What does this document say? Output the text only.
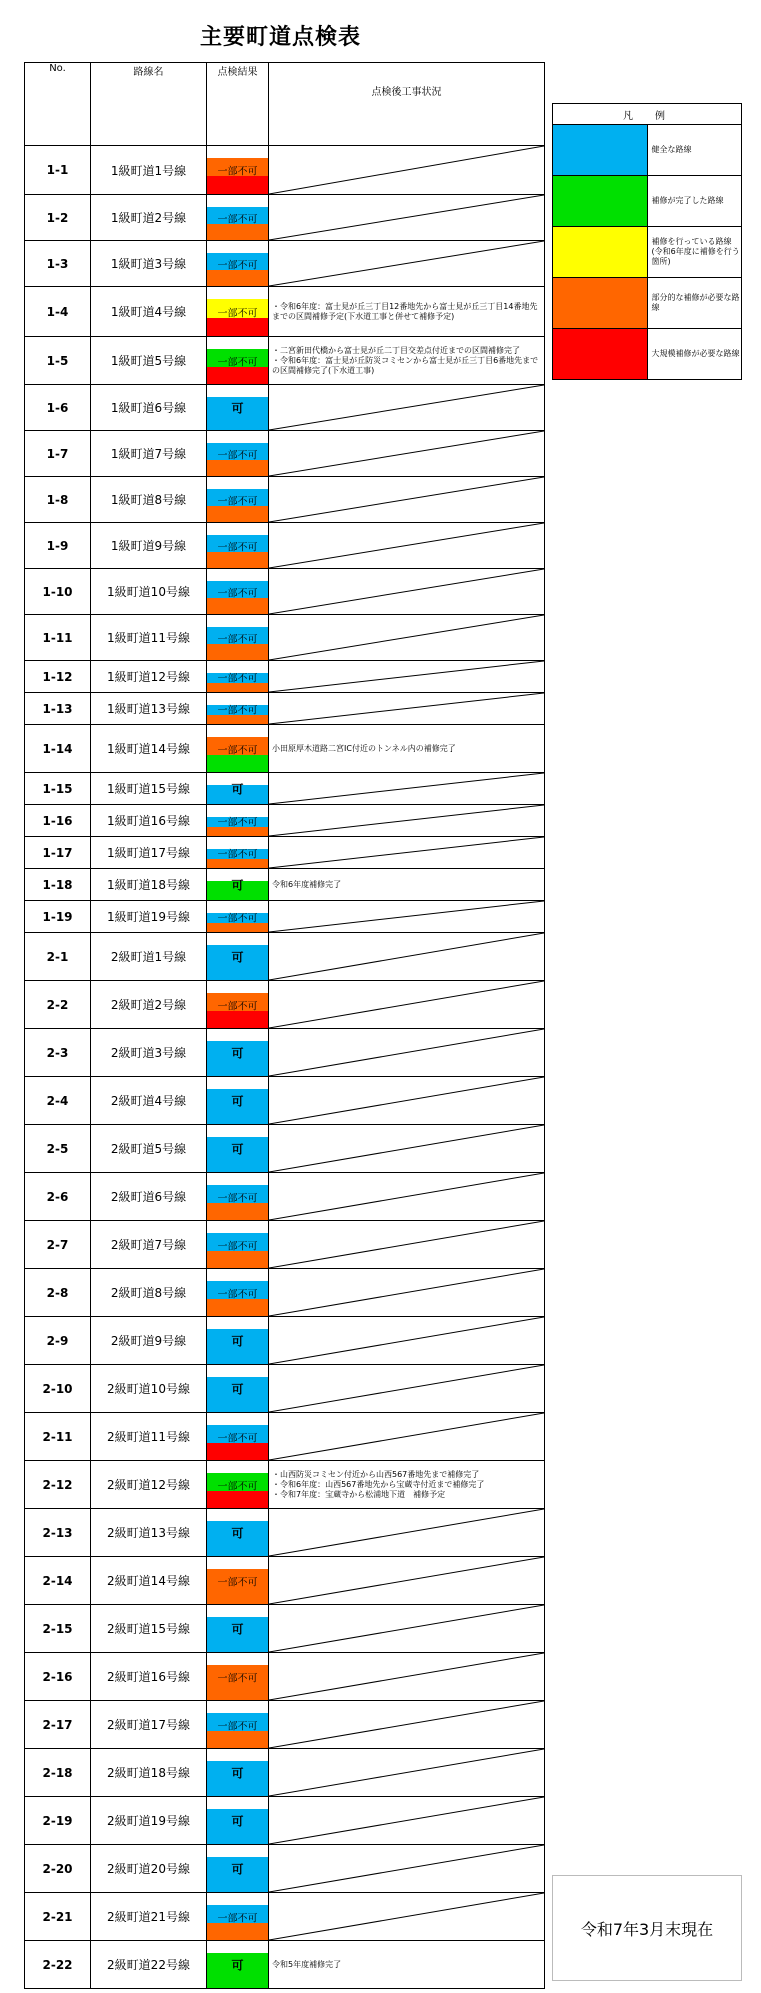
主要町道点検表
No.	路線名	点検結果	点検後工事状況
1-1	1級町道1号線	一部不可

1-2	1級町道2号線	一部不可

1-3	1級町道3号線	一部不可

1-4	1級町道4号線	一部不可	・令和6年度：富士見が丘三丁目12番地先から富士見が丘三丁目14番地先までの区間補修予定(下水道工事と併せて補修予定)

1-5	1級町道5号線	一部不可	・二宮新田代橋から富士見が丘二丁目交差点付近までの区間補修完了
・令和6年度：富士見が丘防災コミセンから富士見が丘三丁目6番地先までの区間補修完了(下水道工事)

1-6	1級町道6号線	可

1-7	1級町道7号線	一部不可

1-8	1級町道8号線	一部不可

1-9	1級町道9号線	一部不可

1-10	1級町道10号線	一部不可

1-11	1級町道11号線	一部不可

1-12	1級町道12号線	一部不可

1-13	1級町道13号線	一部不可

1-14	1級町道14号線	一部不可	小田原厚木道路二宮IC付近のトンネル内の補修完了

1-15	1級町道15号線	可

1-16	1級町道16号線	一部不可

1-17	1級町道17号線	一部不可

1-18	1級町道18号線	可	令和6年度補修完了

1-19	1級町道19号線	一部不可

2-1	2級町道1号線	可

2-2	2級町道2号線	一部不可

2-3	2級町道3号線	可

2-4	2級町道4号線	可

2-5	2級町道5号線	可

2-6	2級町道6号線	一部不可

2-7	2級町道7号線	一部不可

2-8	2級町道8号線	一部不可

2-9	2級町道9号線	可

2-10	2級町道10号線	可

2-11	2級町道11号線	一部不可

2-12	2級町道12号線	一部不可	・山西防災コミセン付近から山西567番地先まで補修完了
・令和6年度：山西567番地先から宝蔵寺付近まで補修完了
・令和7年度：宝蔵寺から松浦地下道　補修予定

2-13	2級町道13号線	可

2-14	2級町道14号線	一部不可

2-15	2級町道15号線	可

2-16	2級町道16号線	一部不可

2-17	2級町道17号線	一部不可

2-18	2級町道18号線	可

2-19	2級町道19号線	可

2-20	2級町道20号線	可

2-21	2級町道21号線	一部不可

2-22	2級町道22号線	可	令和5年度補修完了
凡　例	
	健全な路線
	補修が完了した路線
	補修を行っている路線
(令和6年度に補修を行う箇所)
	部分的な補修が必要な路線
	大規模補修が必要な路線
令和7年3月末現在
